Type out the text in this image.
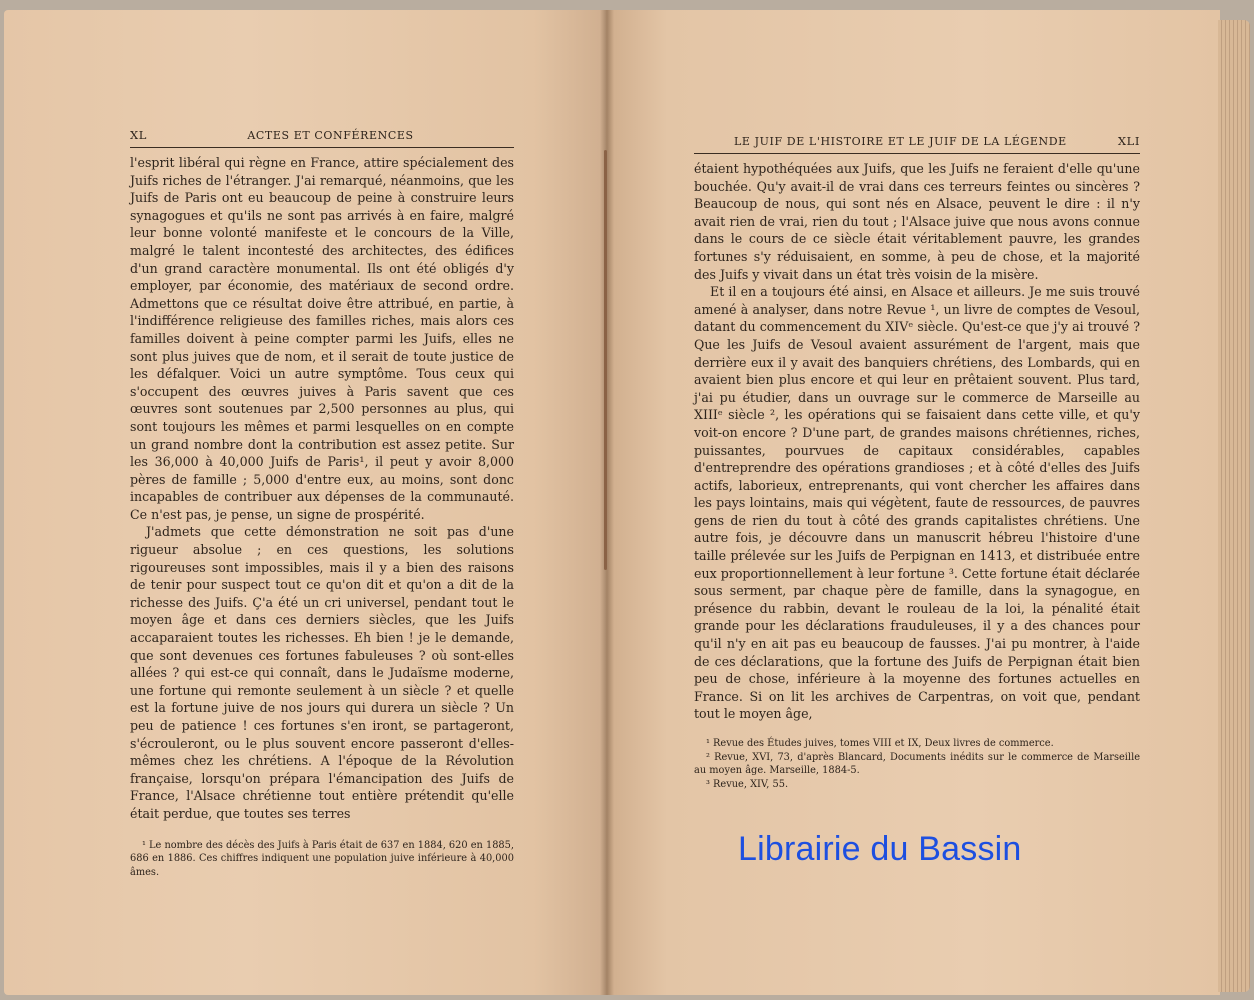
XL	ACTES ET CONFÉRENCES

l'esprit libéral qui règne en France, attire spécialement des Juifs riches de l'étranger. J'ai remarqué, néanmoins, que les Juifs de Paris ont eu beaucoup de peine à construire leurs synagogues et qu'ils ne sont pas arrivés à en faire, malgré leur bonne volonté manifeste et le concours de la Ville, malgré le talent incontesté des architectes, des édifices d'un grand caractère monumental. Ils ont été obligés d'y employer, par économie, des matériaux de second ordre. Admettons que ce résultat doive être attribué, en partie, à l'indifférence religieuse des familles riches, mais alors ces familles doivent à peine compter parmi les Juifs, elles ne sont plus juives que de nom, et il serait de toute justice de les défalquer. Voici un autre symptôme. Tous ceux qui s'occupent des œuvres juives à Paris savent que ces œuvres sont soutenues par 2,500 personnes au plus, qui sont toujours les mêmes et parmi lesquelles on en compte un grand nombre dont la contribution est assez petite. Sur les 36,000 à 40,000 Juifs de Paris¹, il peut y avoir 8,000 pères de famille ; 5,000 d'entre eux, au moins, sont donc incapables de contribuer aux dépenses de la communauté. Ce n'est pas, je pense, un signe de prospérité.

J'admets que cette démonstration ne soit pas d'une rigueur absolue ; en ces questions, les solutions rigoureuses sont impossibles, mais il y a bien des raisons de tenir pour suspect tout ce qu'on dit et qu'on a dit de la richesse des Juifs. Ç'a été un cri universel, pendant tout le moyen âge et dans ces derniers siècles, que les Juifs accaparaient toutes les richesses. Eh bien ! je le demande, que sont devenues ces fortunes fabuleuses ? où sont-elles allées ? qui est-ce qui connaît, dans le Judaïsme moderne, une fortune qui remonte seulement à un siècle ? et quelle est la fortune juive de nos jours qui durera un siècle ? Un peu de patience ! ces fortunes s'en iront, se partageront, s'écrouleront, ou le plus souvent encore passeront d'elles-mêmes chez les chrétiens. A l'époque de la Révolution française, lorsqu'on prépara l'émancipation des Juifs de France, l'Alsace chrétienne tout entière prétendit qu'elle était perdue, que toutes ses terres

¹ Le nombre des décès des Juifs à Paris était de 637 en 1884, 620 en 1885, 686 en 1886. Ces chiffres indiquent une population juive inférieure à 40,000 âmes.

LE JUIF DE L'HISTOIRE ET LE JUIF DE LA LÉGENDE	XLI

étaient hypothéquées aux Juifs, que les Juifs ne feraient d'elle qu'une bouchée. Qu'y avait-il de vrai dans ces terreurs feintes ou sincères ? Beaucoup de nous, qui sont nés en Alsace, peuvent le dire : il n'y avait rien de vrai, rien du tout ; l'Alsace juive que nous avons connue dans le cours de ce siècle était véritablement pauvre, les grandes fortunes s'y réduisaient, en somme, à peu de chose, et la majorité des Juifs y vivait dans un état très voisin de la misère.

Et il en a toujours été ainsi, en Alsace et ailleurs. Je me suis trouvé amené à analyser, dans notre Revue ¹, un livre de comptes de Vesoul, datant du commencement du XIVᵉ siècle. Qu'est-ce que j'y ai trouvé ? Que les Juifs de Vesoul avaient assurément de l'argent, mais que derrière eux il y avait des banquiers chrétiens, des Lombards, qui en avaient bien plus encore et qui leur en prêtaient souvent. Plus tard, j'ai pu étudier, dans un ouvrage sur le commerce de Marseille au XIIIᵉ siècle ², les opérations qui se faisaient dans cette ville, et qu'y voit-on encore ? D'une part, de grandes maisons chrétiennes, riches, puissantes, pourvues de capitaux considérables, capables d'entreprendre des opérations grandioses ; et à côté d'elles des Juifs actifs, laborieux, entreprenants, qui vont chercher les affaires dans les pays lointains, mais qui végètent, faute de ressources, de pauvres gens de rien du tout à côté des grands capitalistes chrétiens. Une autre fois, je découvre dans un manuscrit hébreu l'histoire d'une taille prélevée sur les Juifs de Perpignan en 1413, et distribuée entre eux proportionnellement à leur fortune ³. Cette fortune était déclarée sous serment, par chaque père de famille, dans la synagogue, en présence du rabbin, devant le rouleau de la loi, la pénalité était grande pour les déclarations frauduleuses, il y a des chances pour qu'il n'y en ait pas eu beaucoup de fausses. J'ai pu montrer, à l'aide de ces déclarations, que la fortune des Juifs de Perpignan était bien peu de chose, inférieure à la moyenne des fortunes actuelles en France. Si on lit les archives de Carpentras, on voit que, pendant tout le moyen âge,

¹ Revue des Études juives, tomes VIII et IX, Deux livres de commerce.

² Revue, XVI, 73, d'après Blancard, Documents inédits sur le commerce de Marseille au moyen âge. Marseille, 1884-5.

³ Revue, XIV, 55.

Librairie du Bassin
